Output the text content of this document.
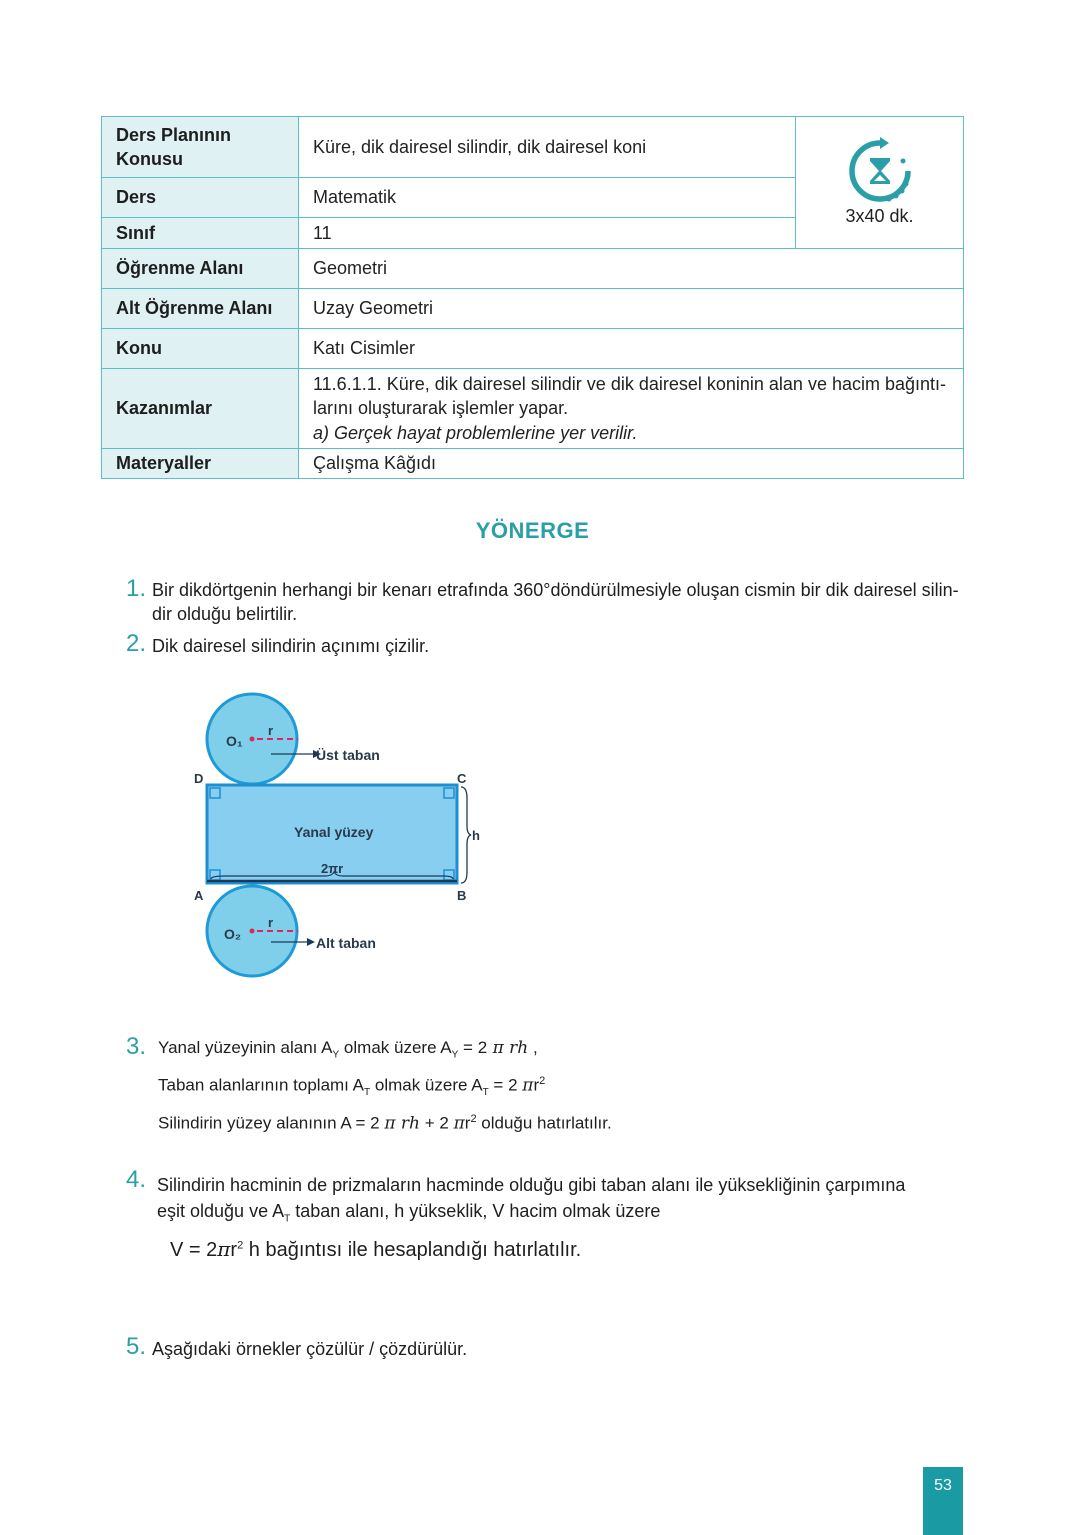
Ders Planının Konusu	Küre, dik dairesel silindir, dik dairesel koni	3x40 dk.

Ders	Matematik	
Sınıf	11	
Öğrenme Alanı	Geometri	
Alt Öğrenme Alanı	Uzay Geometri	
Konu	Katı Cisimler	
Kazanımlar	11.6.1.1. Küre, dik dairesel silindir ve dik dairesel koninin alan ve hacim bağıntı-
larını oluşturarak işlemler yapar.
a) Gerçek hayat problemlerine yer verilir.	

Materyaller	Çalışma Kâğıdı	
YÖNERGE
1. Bir dikdörtgenin herhangi bir kenarı etrafında 360°döndürülmesiyle oluşan cismin bir dik dairesel silin-
dir olduğu belirtilir.
2. Dik dairesel silindirin açınımı çizilir.
O₁
O₂
r
r
Üst taban
Alt taban
D	C
A	B
Yanal yüzey
2πr
h
3. Yanal yüzeyinin alanı $A_Y$ olmak üzere $A_Y = 2$ π rh ,
Taban alanlarının toplamı $A_T$ olmak üzere $A_T = 2$ $\pi r^2$
Silindirin yüzey alanının A = 2 π rh + 2 $\pi r^2$ olduğu hatırlatılır.
4. Silindirin hacminin de prizmaların hacminde olduğu gibi taban alanı ile yüksekliğinin çarpımına
eşit olduğu ve $A_T$ taban alanı, h yükseklik, V hacim olmak üzere
$V = 2\pi r^2$ h bağıntısı ile hesaplandığı hatırlatılır.
5. Aşağıdaki örnekler çözülür / çözdürülür.
53
